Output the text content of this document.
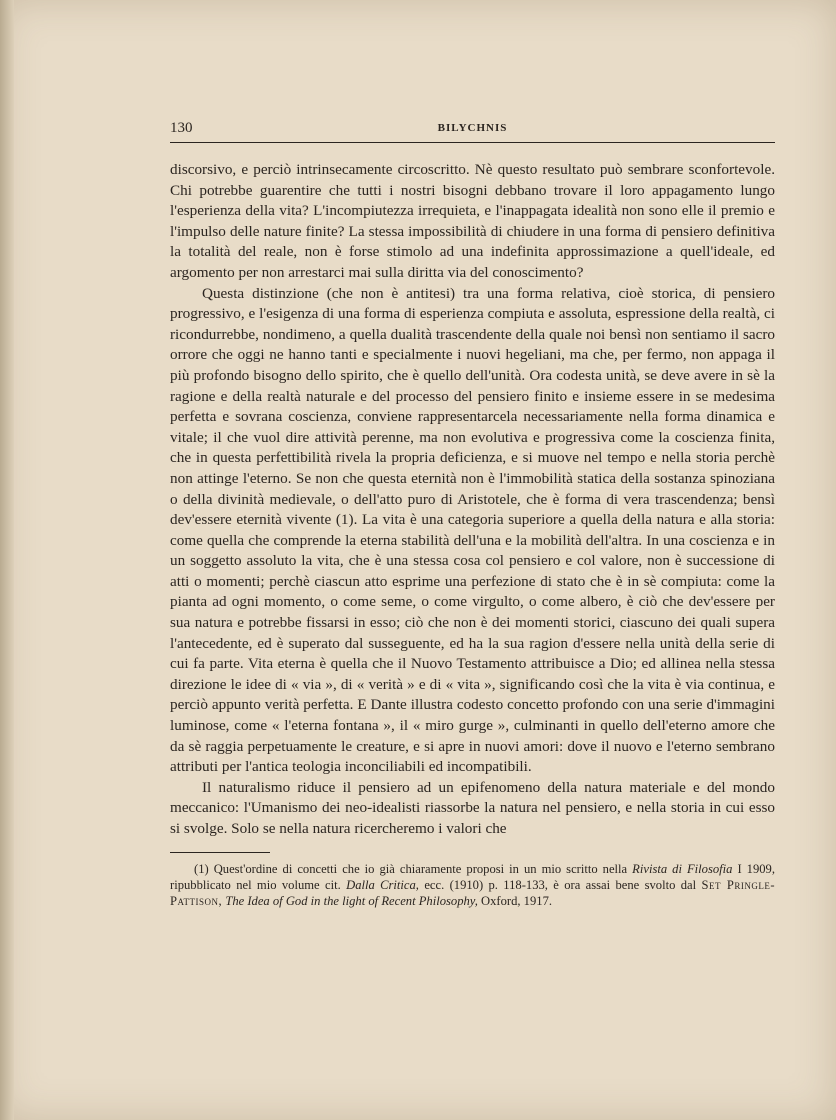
130	BILYCHNIS

discorsivo, e perciò intrinsecamente circoscritto. Nè questo resultato può sembrare sconfortevole. Chi potrebbe guarentire che tutti i nostri bisogni debbano trovare il loro appagamento lungo l'esperienza della vita? L'incompiutezza irrequieta, e l'inappagata idealità non sono elle il premio e l'impulso delle nature finite? La stessa impossibilità di chiudere in una forma di pensiero definitiva la totalità del reale, non è forse stimolo ad una indefinita approssimazione a quell'ideale, ed argomento per non arrestarci mai sulla diritta via del conoscimento?

Questa distinzione (che non è antitesi) tra una forma relativa, cioè storica, di pensiero progressivo, e l'esigenza di una forma di esperienza compiuta e assoluta, espressione della realtà, ci ricondurrebbe, nondimeno, a quella dualità trascendente della quale noi bensì non sentiamo il sacro orrore che oggi ne hanno tanti e specialmente i nuovi hegeliani, ma che, per fermo, non appaga il più profondo bisogno dello spirito, che è quello dell'unità. Ora codesta unità, se deve avere in sè la ragione e della realtà naturale e del processo del pensiero finito e insieme essere in se medesima perfetta e sovrana coscienza, conviene rappresentarcela necessariamente nella forma dinamica e vitale; il che vuol dire attività perenne, ma non evolutiva e progressiva come la coscienza finita, che in questa perfettibilità rivela la propria deficienza, e si muove nel tempo e nella storia perchè non attinge l'eterno. Se non che questa eternità non è l'immobilità statica della sostanza spinoziana o della divinità medievale, o dell'atto puro di Aristotele, che è forma di vera trascendenza; bensì dev'essere eternità vivente (1). La vita è una categoria superiore a quella della natura e alla storia: come quella che comprende la eterna stabilità dell'una e la mobilità dell'altra. In una coscienza e in un soggetto assoluto la vita, che è una stessa cosa col pensiero e col valore, non è successione di atti o momenti; perchè ciascun atto esprime una perfezione di stato che è in sè compiuta: come la pianta ad ogni momento, o come seme, o come virgulto, o come albero, è ciò che dev'essere per sua natura e potrebbe fissarsi in esso; ciò che non è dei momenti storici, ciascuno dei quali supera l'antecedente, ed è superato dal susseguente, ed ha la sua ragion d'essere nella unità della serie di cui fa parte. Vita eterna è quella che il Nuovo Testamento attribuisce a Dio; ed allinea nella stessa direzione le idee di « via », di « verità » e di « vita », significando così che la vita è via continua, e perciò appunto verità perfetta. E Dante illustra codesto concetto profondo con una serie d'immagini luminose, come « l'eterna fontana », il « miro gurge », culminanti in quello dell'eterno amore che da sè raggia perpetuamente le creature, e si apre in nuovi amori: dove il nuovo e l'eterno sembrano attributi per l'antica teologia inconciliabili ed incompatibili.

Il naturalismo riduce il pensiero ad un epifenomeno della natura materiale e del mondo meccanico: l'Umanismo dei neo-idealisti riassorbe la natura nel pensiero, e nella storia in cui esso si svolge. Solo se nella natura ricercheremo i valori che

(1) Quest'ordine di concetti che io già chiaramente proposi in un mio scritto nella Rivista di Filosofia I 1909, ripubblicato nel mio volume cit. Dalla Critica, ecc. (1910) p. 118-133, è ora assai bene svolto dal Set Pringle-Pattison, The Idea of God in the light of Recent Philosophy, Oxford, 1917.
